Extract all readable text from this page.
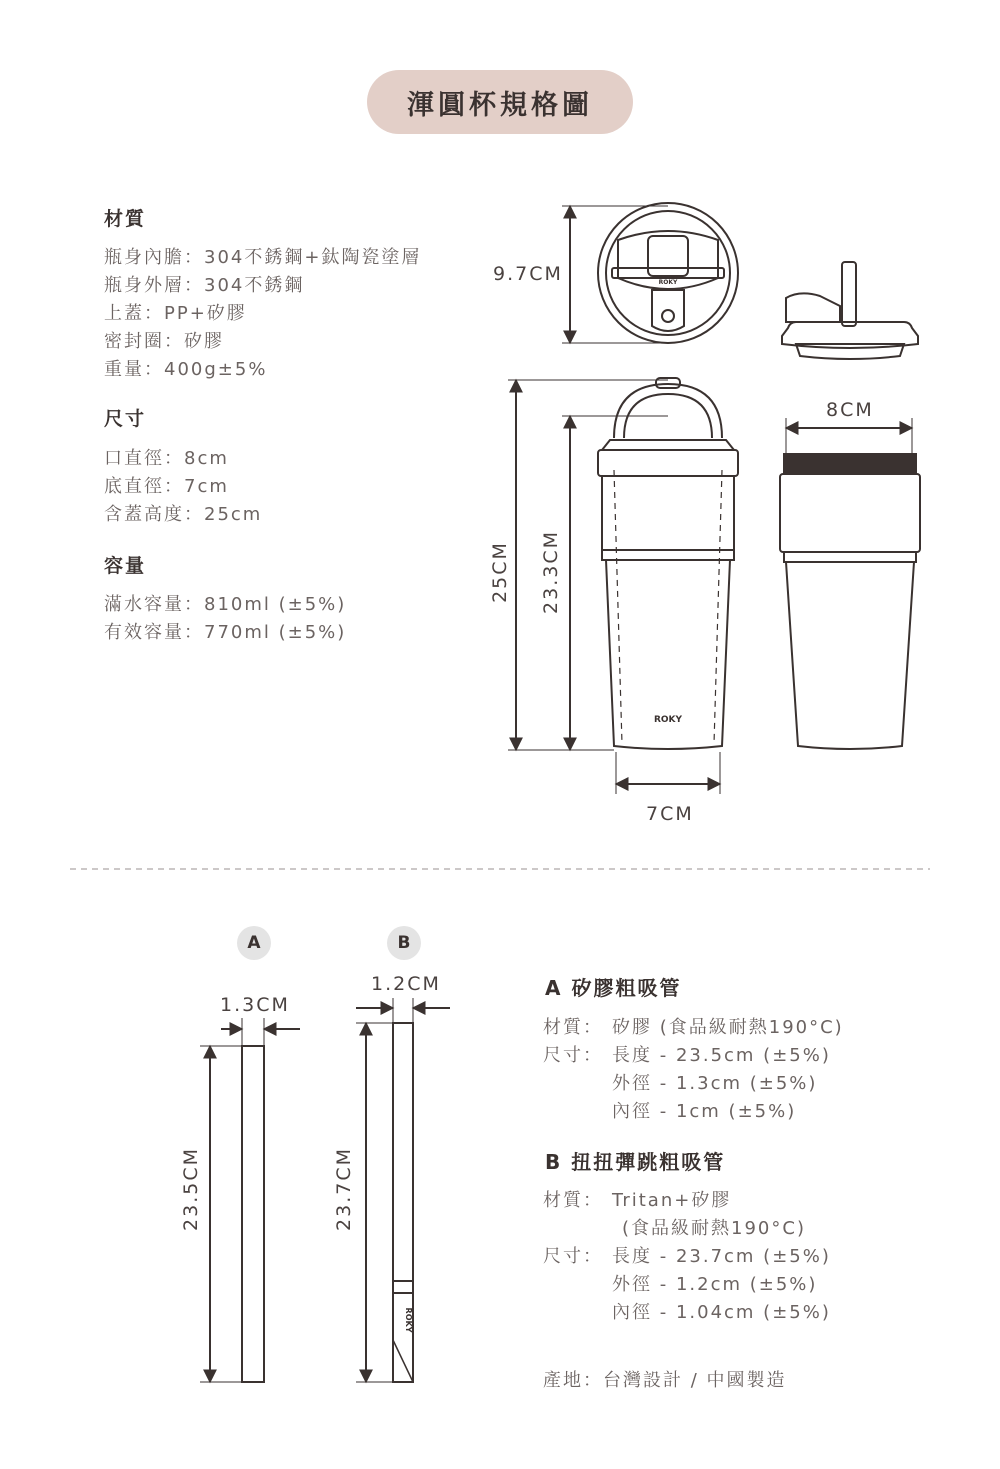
渾圓杯規格圖
材質
瓶身內膽：304不銹鋼+鈦陶瓷塗層
瓶身外層：304不銹鋼
上蓋：PP+矽膠
密封圈：矽膠
重量：400g±5%
尺寸
口直徑：8cm
底直徑：7cm
含蓋高度：25cm
容量
滿水容量：810ml (±5%)
有效容量：770ml (±5%)
ROKY
ROKY
ROKY
9.7CM
8CM
25CM 23.3CM
7CM
A	B
1.3CM
1.2CM
23.5CM	23.7CM
A 矽膠粗吸管
材質： 矽膠 (食品級耐熱190°C)
尺寸： 長度 - 23.5cm (±5%)
外徑 - 1.3cm (±5%)
內徑 - 1cm (±5%)
B 扭扭彈跳粗吸管
材質： Tritan+矽膠
(食品級耐熱190°C)
尺寸： 長度 - 23.7cm (±5%)
外徑 - 1.2cm (±5%)
內徑 - 1.04cm (±5%)
產地：台灣設計 / 中國製造
